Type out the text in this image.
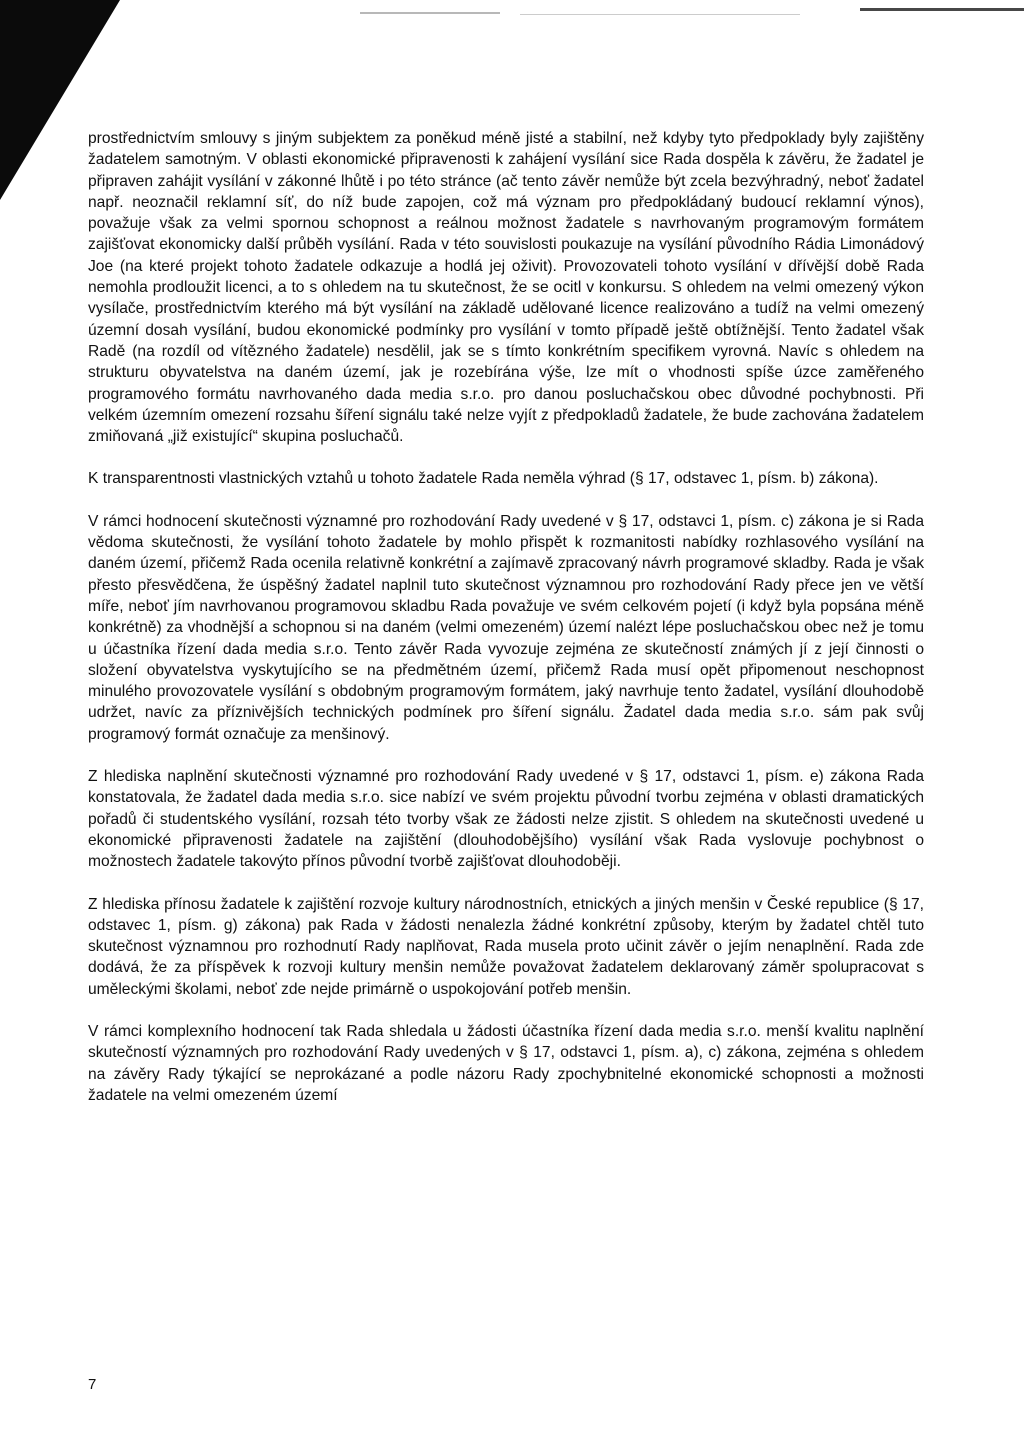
prostřednictvím smlouvy s jiným subjektem za poněkud méně jisté a stabilní, než kdyby tyto předpoklady byly zajištěny žadatelem samotným. V oblasti ekonomické připravenosti k zahájení vysílání sice Rada dospěla k závěru, že žadatel je připraven zahájit vysílání v zákonné lhůtě i po této stránce (ač tento závěr nemůže být zcela bezvýhradný, neboť žadatel např. neoznačil reklamní síť, do níž bude zapojen, což má význam pro předpokládaný budoucí reklamní výnos), považuje však za velmi spornou schopnost a reálnou možnost žadatele s navrhovaným programovým formátem zajišťovat ekonomicky další průběh vysílání. Rada v této souvislosti poukazuje na vysílání původního Rádia Limonádový Joe (na které projekt tohoto žadatele odkazuje a hodlá jej oživit). Provozovateli tohoto vysílání v dřívější době Rada nemohla prodloužit licenci, a to s ohledem na tu skutečnost, že se ocitl v konkursu. S ohledem na velmi omezený výkon vysílače, prostřednictvím kterého má být vysílání na základě udělované licence realizováno a tudíž na velmi omezený územní dosah vysílání, budou ekonomické podmínky pro vysílání v tomto případě ještě obtížnější. Tento žadatel však Radě (na rozdíl od vítězného žadatele) nesdělil, jak se s tímto konkrétním specifikem vyrovná. Navíc s ohledem na strukturu obyvatelstva na daném území, jak je rozebírána výše, lze mít o vhodnosti spíše úzce zaměřeného programového formátu navrhovaného dada media s.r.o. pro danou posluchačskou obec důvodné pochybnosti. Při velkém územním omezení rozsahu šíření signálu také nelze vyjít z předpokladů žadatele, že bude zachována žadatelem zmiňovaná „již existující“ skupina posluchačů.

K transparentnosti vlastnických vztahů u tohoto žadatele Rada neměla výhrad (§ 17, odstavec 1, písm. b) zákona).

V rámci hodnocení skutečnosti významné pro rozhodování Rady uvedené v § 17, odstavci 1, písm. c) zákona je si Rada vědoma skutečnosti, že vysílání tohoto žadatele by mohlo přispět k rozmanitosti nabídky rozhlasového vysílání na daném území, přičemž Rada ocenila relativně konkrétní a zajímavě zpracovaný návrh programové skladby. Rada je však přesto přesvědčena, že úspěšný žadatel naplnil tuto skutečnost významnou pro rozhodování Rady přece jen ve větší míře, neboť jím navrhovanou programovou skladbu Rada považuje ve svém celkovém pojetí (i když byla popsána méně konkrétně) za vhodnější a schopnou si na daném (velmi omezeném) území nalézt lépe posluchačskou obec než je tomu u účastníka řízení dada media s.r.o. Tento závěr Rada vyvozuje zejména ze skutečností známých jí z její činnosti o složení obyvatelstva vyskytujícího se na předmětném území, přičemž Rada musí opět připomenout neschopnost minulého provozovatele vysílání s obdobným programovým formátem, jaký navrhuje tento žadatel, vysílání dlouhodobě udržet, navíc za příznivějších technických podmínek pro šíření signálu. Žadatel dada media s.r.o. sám pak svůj programový formát označuje za menšinový.

Z hlediska naplnění skutečnosti významné pro rozhodování Rady uvedené v § 17, odstavci 1, písm. e) zákona Rada konstatovala, že žadatel dada media s.r.o. sice nabízí ve svém projektu původní tvorbu zejména v oblasti dramatických pořadů či studentského vysílání, rozsah této tvorby však ze žádosti nelze zjistit. S ohledem na skutečnosti uvedené u ekonomické připravenosti žadatele na zajištění (dlouhodobějšího) vysílání však Rada vyslovuje pochybnost o možnostech žadatele takovýto přínos původní tvorbě zajišťovat dlouhodoběji.

Z hlediska přínosu žadatele k zajištění rozvoje kultury národnostních, etnických a jiných menšin v České republice (§ 17, odstavec 1, písm. g) zákona) pak Rada v žádosti nenalezla žádné konkrétní způsoby, kterým by žadatel chtěl tuto skutečnost významnou pro rozhodnutí Rady naplňovat, Rada musela proto učinit závěr o jejím nenaplnění. Rada zde dodává, že za příspěvek k rozvoji kultury menšin nemůže považovat žadatelem deklarovaný záměr spolupracovat s uměleckými školami, neboť zde nejde primárně o uspokojování potřeb menšin.

V rámci komplexního hodnocení tak Rada shledala u žádosti účastníka řízení dada media s.r.o. menší kvalitu naplnění skutečností významných pro rozhodování Rady uvedených v § 17, odstavci 1, písm. a), c) zákona, zejména s ohledem na závěry Rady týkající se neprokázané a podle názoru Rady zpochybnitelné ekonomické schopnosti a možnosti žadatele na velmi omezeném území

7
